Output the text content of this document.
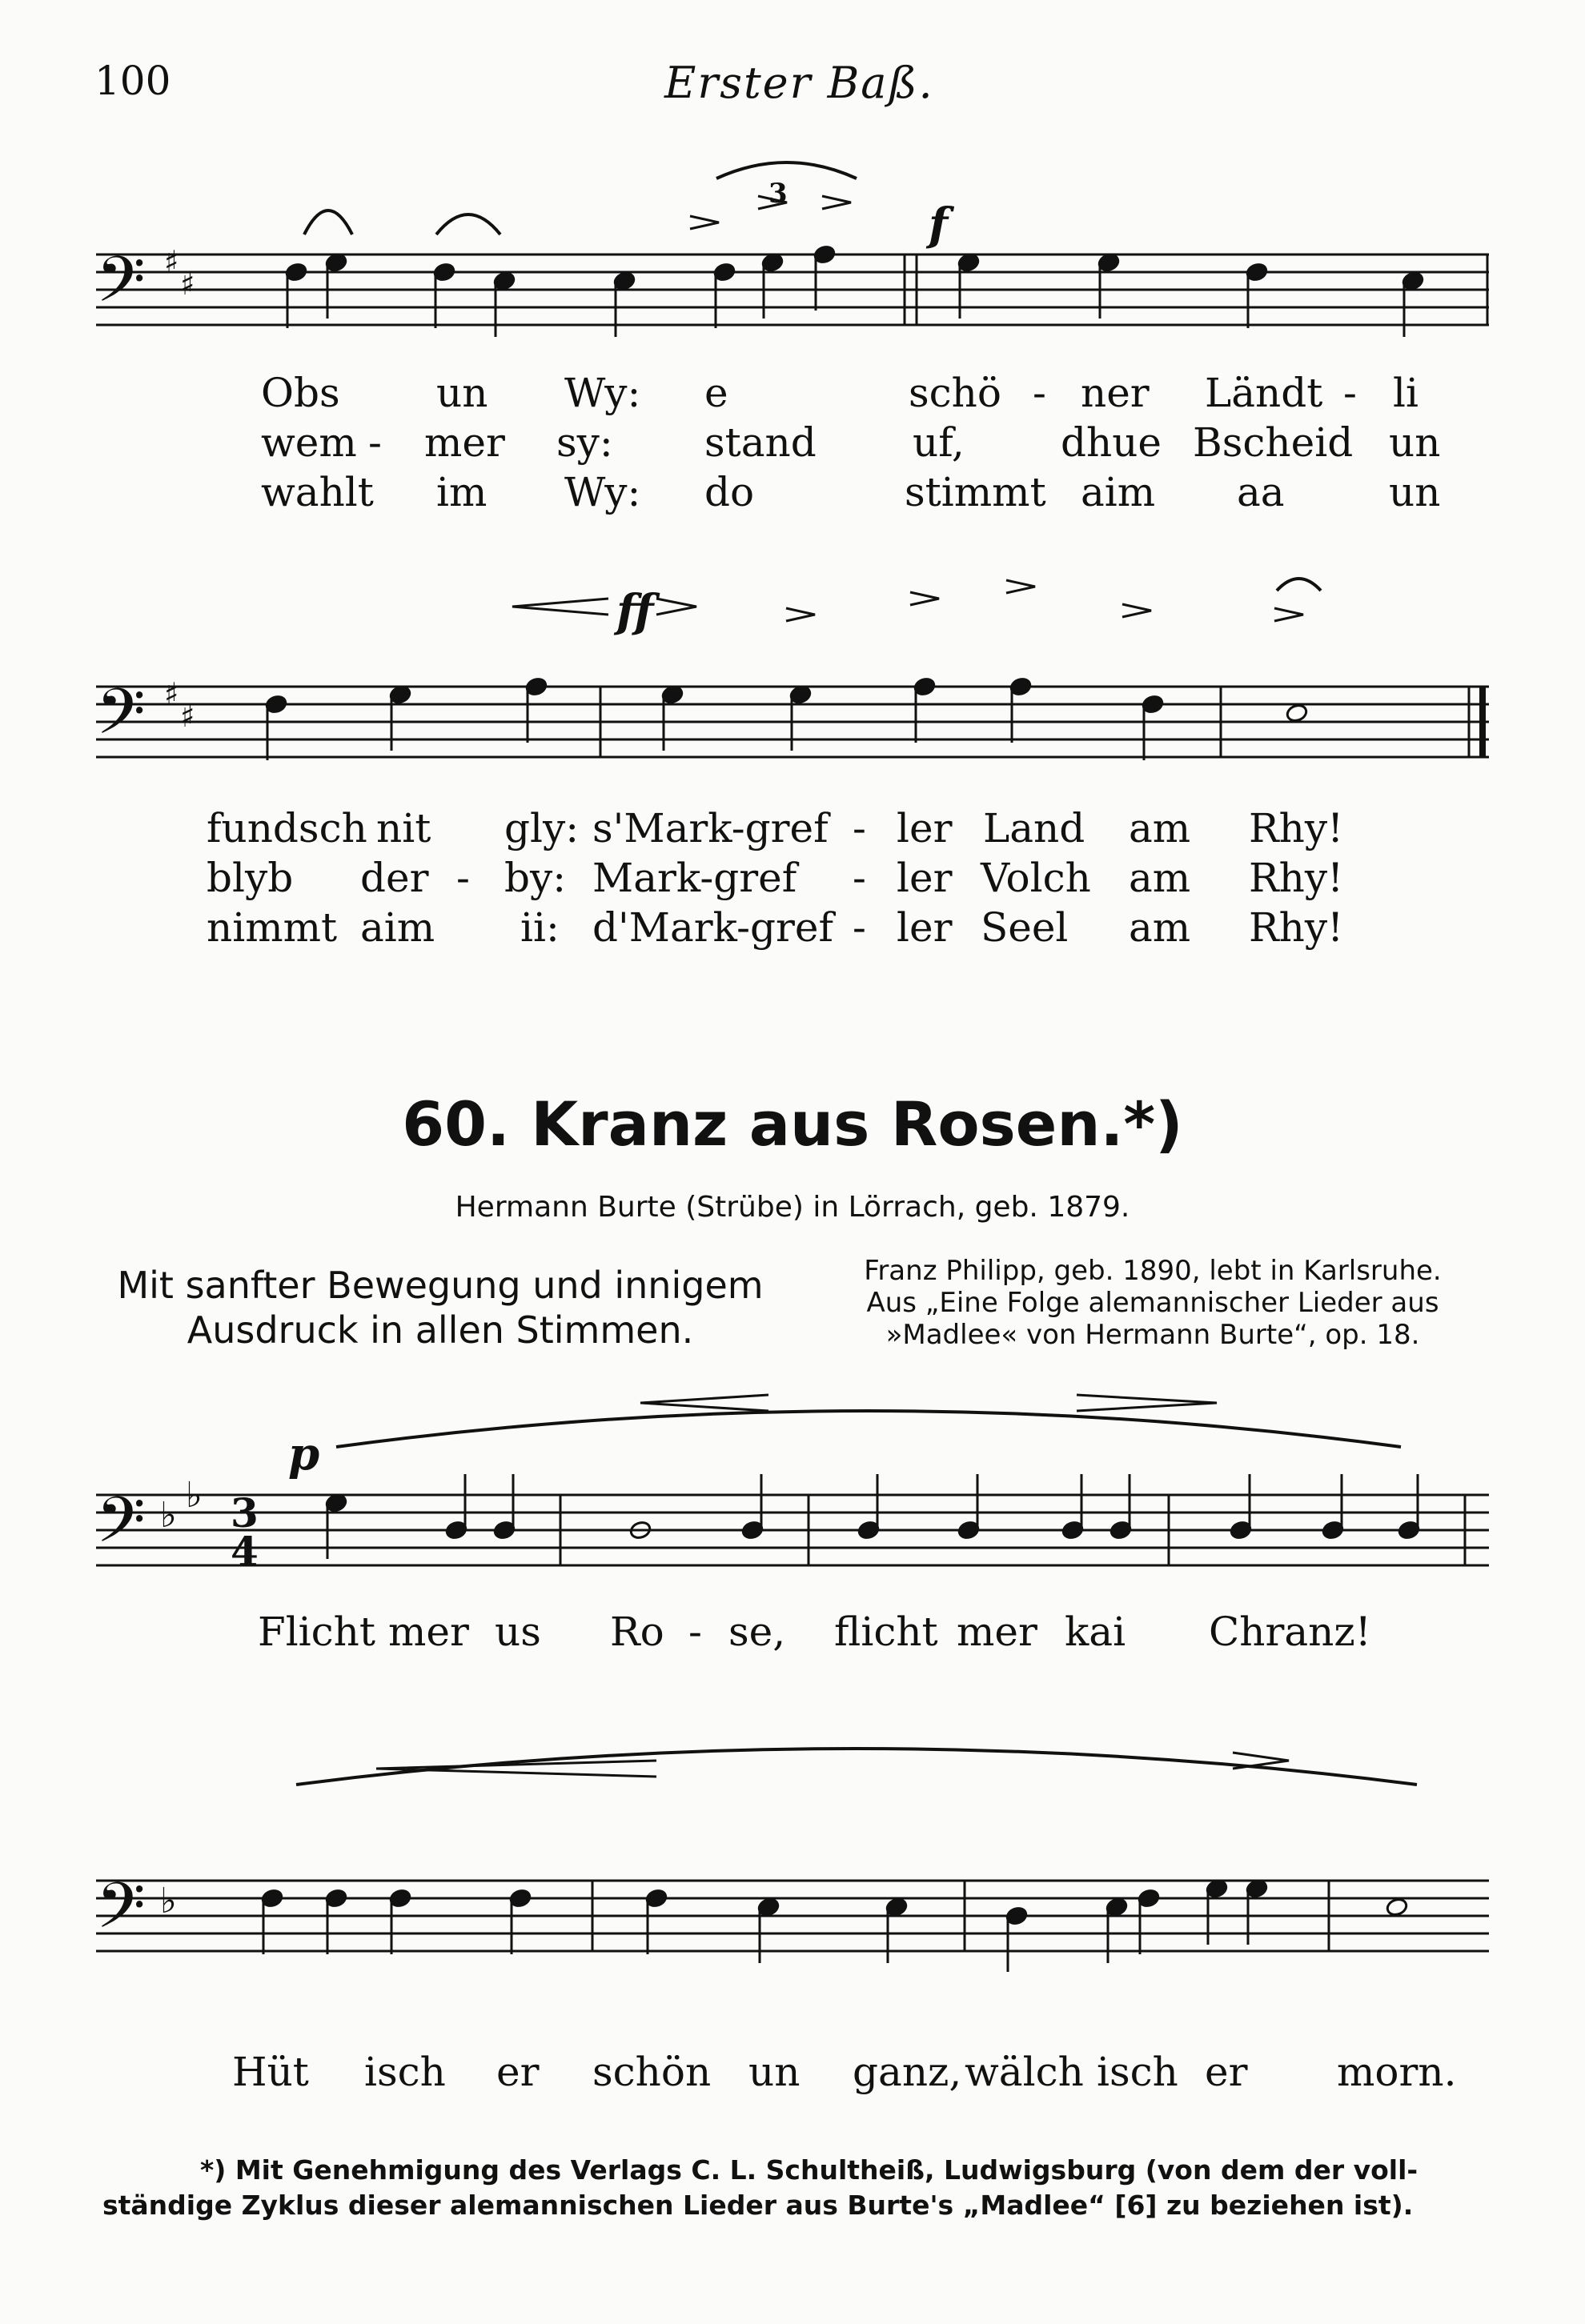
100	Erster Baß.
𝄢 ♯
♯
3
f
𝄢 ♯
♯
ff
𝄢 ♭ ♭ 3
4
p
𝄢 ♭
Obs un Wy: e	schö - ner Ländt - li
wem - mer sy: stand uf, dhue Bscheid un
wahlt im Wy: do	stimmt aim aa	un
fundsch nit gly: s'Mark-gref - ler Land am Rhy!
blyb der - by: Mark-gref - ler Volch am Rhy!
nimmt aim ii: d'Mark-gref - ler Seel am Rhy!
60. Kranz aus Rosen.*)
Hermann Burte (Strübe) in Lörrach, geb. 1879.
Mit sanfter Bewegung und innigem
Ausdruck in allen Stimmen.
Franz Philipp, geb. 1890, lebt in Karlsruhe.
Aus „Eine Folge alemannischer Lieder aus
»Madlee« von Hermann Burte“, op. 18.
Flicht mer us Ro - se, flicht mer kai Chranz!
Hüt isch er schön un ganz, wälch isch er morn.
*) Mit Genehmigung des Verlags C. L. Schultheiß, Ludwigsburg (von dem der voll-
ständige Zyklus dieser alemannischen Lieder aus Burte's „Madlee“ [6] zu beziehen ist).
